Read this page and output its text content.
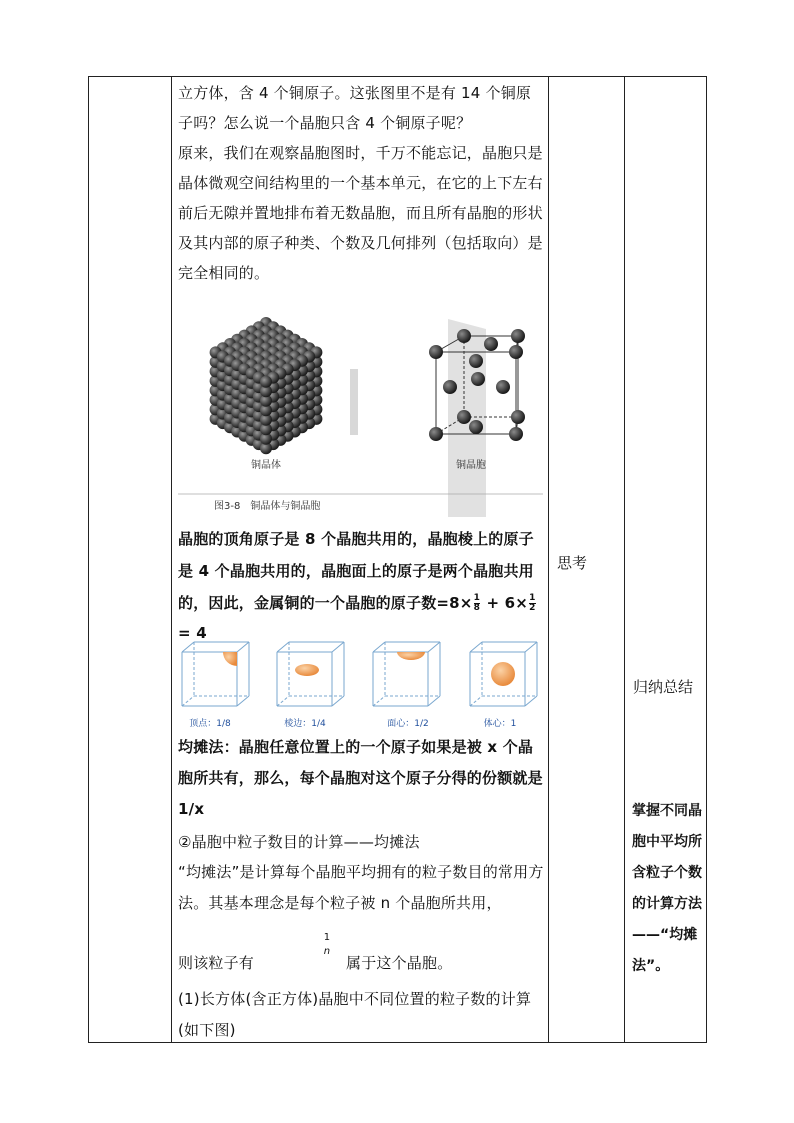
立方体，含 4 个铜原子。这张图里不是有 14 个铜原子吗？怎么说一个晶胞只含 4 个铜原子呢？
原来，我们在观察晶胞图时，千万不能忘记，晶胞只是晶体微观空间结构里的一个基本单元，在它的上下左右前后无隙并置地排布着无数晶胞，而且所有晶胞的形状及其内部的原子种类、个数及几何排列（包括取向）是完全相同的。
铜晶体	铜晶胞
图3-8　铜晶体与铜晶胞
晶胞的顶角原子是 8 个晶胞共用的，晶胞棱上的原子
是 4 个晶胞共用的，晶胞面上的原子是两个晶胞共用
的，因此，金属铜的一个晶胞的原子数$=8\times \frac{1}{8} + 6\times \frac{1}{2}$
= 4
顶点：1/8	棱边：1/4	面心：1/2	体心：1
均摊法：晶胞任意位置上的一个原子如果是被 x 个晶胞所共有，那么，每个晶胞对这个原子分得的份额就是 1/x
②晶胞中粒子数目的计算——均摊法
“均摊法”是计算每个晶胞平均拥有的粒子数目的常用方法。其基本理念是每个粒子被 n 个晶胞所共用，
则该粒子有
1
n
属于这个晶胞。
(1)长方体(含正方体)晶胞中不同位置的粒子数的计算(如下图)
思考
归纳总结
掌握不同晶胞中平均所含粒子个数的计算方法——“均摊法”。
